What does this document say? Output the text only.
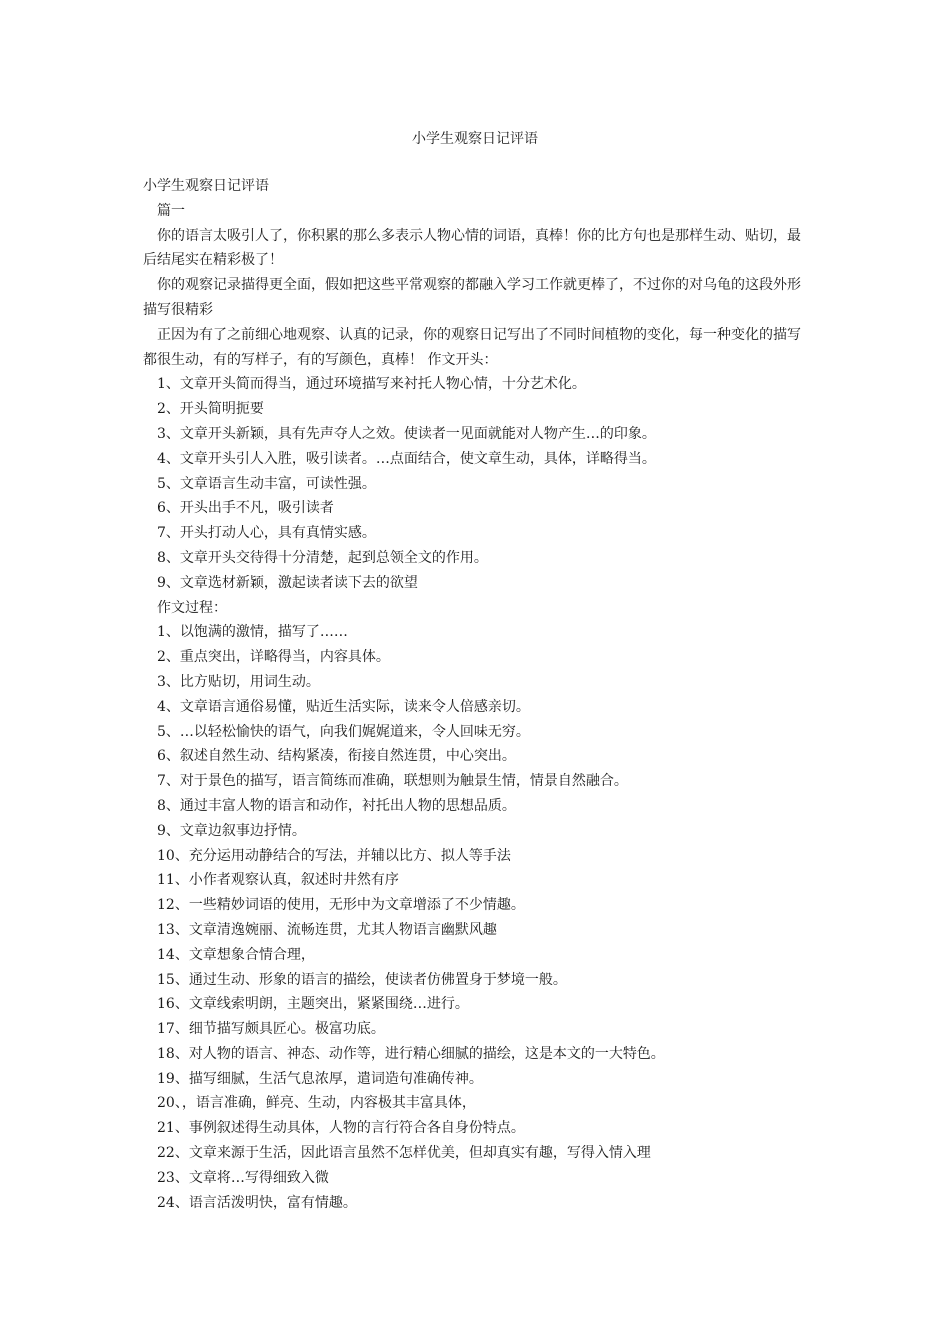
小学生观察日记评语

小学生观察日记评语

篇一

你的语言太吸引人了，你积累的那么多表示人物心情的词语，真棒！你的比方句也是那样生动、贴切，最后结尾实在精彩极了！

你的观察记录描得更全面，假如把这些平常观察的都融入学习工作就更棒了，不过你的对乌龟的这段外形描写很精彩

正因为有了之前细心地观察、认真的记录，你的观察日记写出了不同时间植物的变化，每一种变化的描写都很生动，有的写样子，有的写颜色，真棒！ 作文开头：

1、文章开头简而得当，通过环境描写来衬托人物心情，十分艺术化。
2、开头简明扼要
3、文章开头新颖，具有先声夺人之效。使读者一见面就能对人物产生…的印象。
4、文章开头引人入胜，吸引读者。…点面结合，使文章生动，具体，详略得当。
5、文章语言生动丰富，可读性强。
6、开头出手不凡，吸引读者
7、开头打动人心，具有真情实感。
8、文章开头交待得十分清楚，起到总领全文的作用。
9、文章选材新颖，激起读者读下去的欲望

作文过程：

1、以饱满的激情，描写了……
2、重点突出，详略得当，内容具体。
3、比方贴切，用词生动。
4、文章语言通俗易懂，贴近生活实际，读来令人倍感亲切。
5、…以轻松愉快的语气，向我们娓娓道来，令人回味无穷。
6、叙述自然生动、结构紧凑，衔接自然连贯，中心突出。
7、对于景色的描写，语言简练而准确，联想则为触景生情，情景自然融合。
8、通过丰富人物的语言和动作，衬托出人物的思想品质。
9、文章边叙事边抒情。
10、充分运用动静结合的写法，并辅以比方、拟人等手法
11、小作者观察认真，叙述时井然有序
12、一些精妙词语的使用，无形中为文章增添了不少情趣。
13、文章清逸婉丽、流畅连贯，尤其人物语言幽默风趣
14、文章想象合情合理，
15、通过生动、形象的语言的描绘，使读者仿佛置身于梦境一般。
16、文章线索明朗，主题突出，紧紧围绕…进行。
17、细节描写颇具匠心。极富功底。
18、对人物的语言、神态、动作等，进行精心细腻的描绘，这是本文的一大特色。
19、描写细腻，生活气息浓厚，遣词造句准确传神。
20、，语言准确，鲜亮、生动，内容极其丰富具体，
21、事例叙述得生动具体，人物的言行符合各自身份特点。
22、文章来源于生活，因此语言虽然不怎样优美，但却真实有趣，写得入情入理
23、文章将…写得细致入微
24、语言活泼明快，富有情趣。
